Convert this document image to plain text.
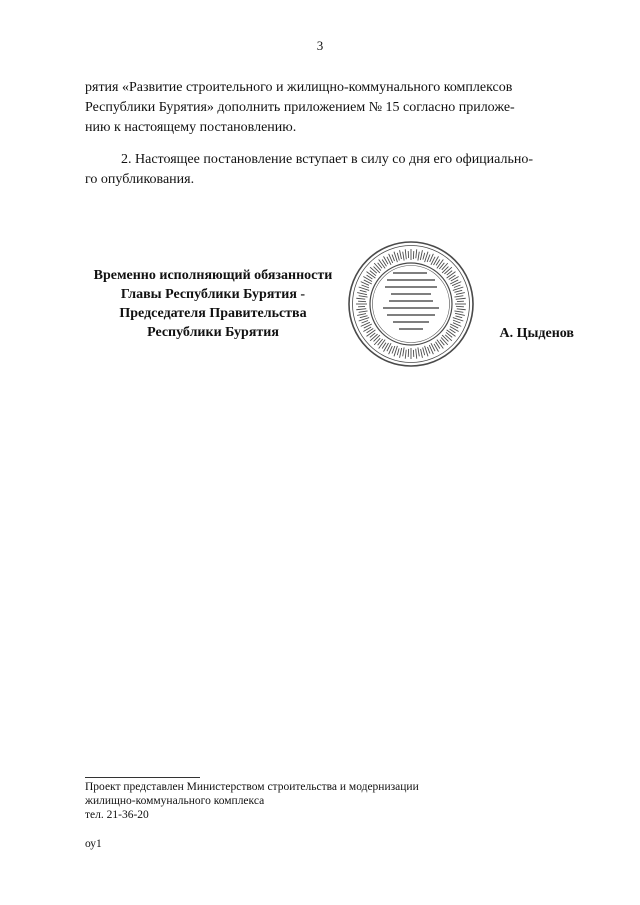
3
рятия «Развитие строительного и жилищно-коммунального комплексов
Республики Бурятия» дополнить приложением № 15 согласно приложе-
нию к настоящему постановлению.
2. Настоящее постановление вступает в силу со дня его официально-
го опубликования.
Временно исполняющий обязанности
Главы Республики Бурятия -
Председателя Правительства
Республики Бурятия	А. Цыденов
Проект представлен Министерством строительства и модернизации
жилищно-коммунального комплекса
тел. 21-36-20
оу1
